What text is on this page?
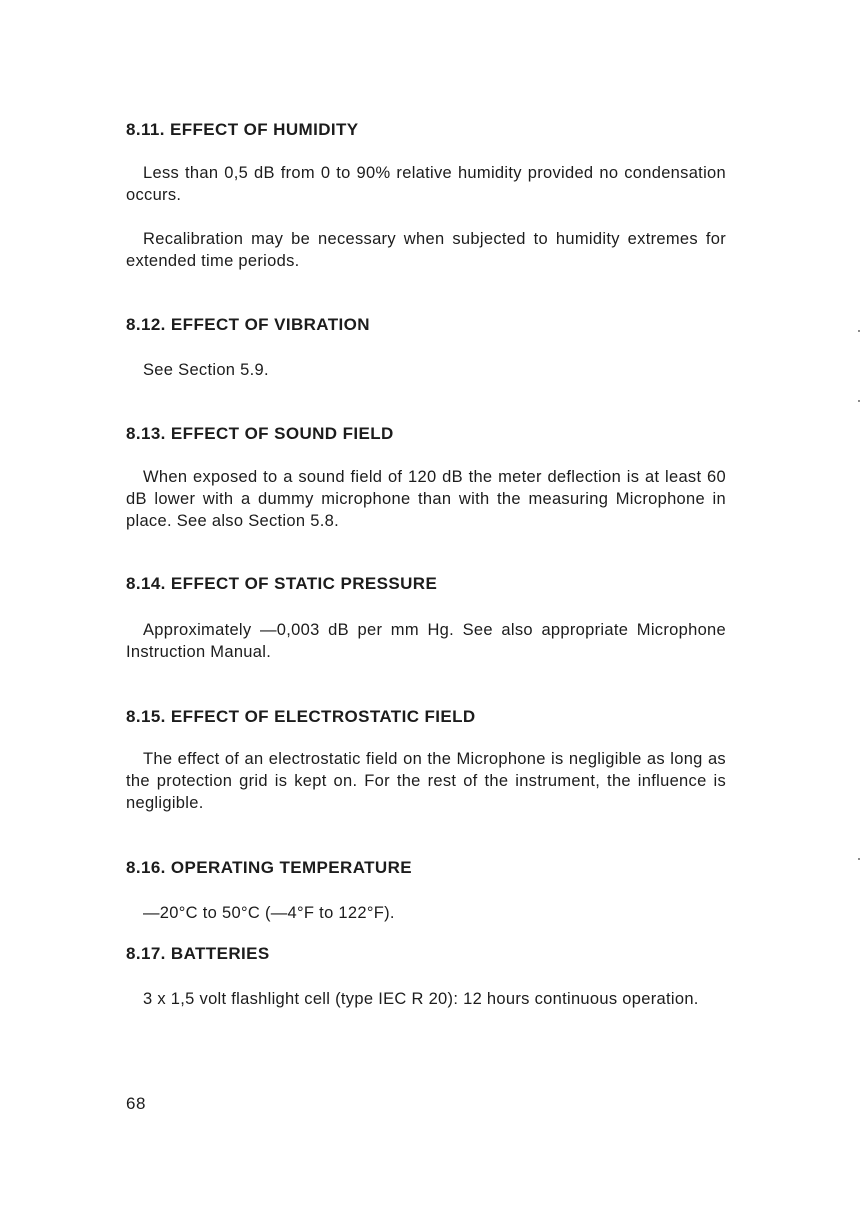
8.11. EFFECT OF HUMIDITY
Less than 0,5 dB from 0 to 90% relative humidity provided no condensation occurs.
Recalibration may be necessary when subjected to humidity extremes for extended time periods.
8.12. EFFECT OF VIBRATION
See Section 5.9.
8.13. EFFECT OF SOUND FIELD
When exposed to a sound field of 120 dB the meter deflection is at least 60 dB lower with a dummy microphone than with the measuring Microphone in place. See also Section 5.8.
8.14. EFFECT OF STATIC PRESSURE
Approximately —0,003 dB per mm Hg. See also appropriate Microphone Instruction Manual.
8.15. EFFECT OF ELECTROSTATIC FIELD
The effect of an electrostatic field on the Microphone is negligible as long as the protection grid is kept on. For the rest of the instrument, the influence is negligible.
8.16. OPERATING TEMPERATURE
—20°C to 50°C (—4°F to 122°F).
8.17. BATTERIES
3 x 1,5 volt flashlight cell (type IEC R 20): 12 hours continuous operation.
68
